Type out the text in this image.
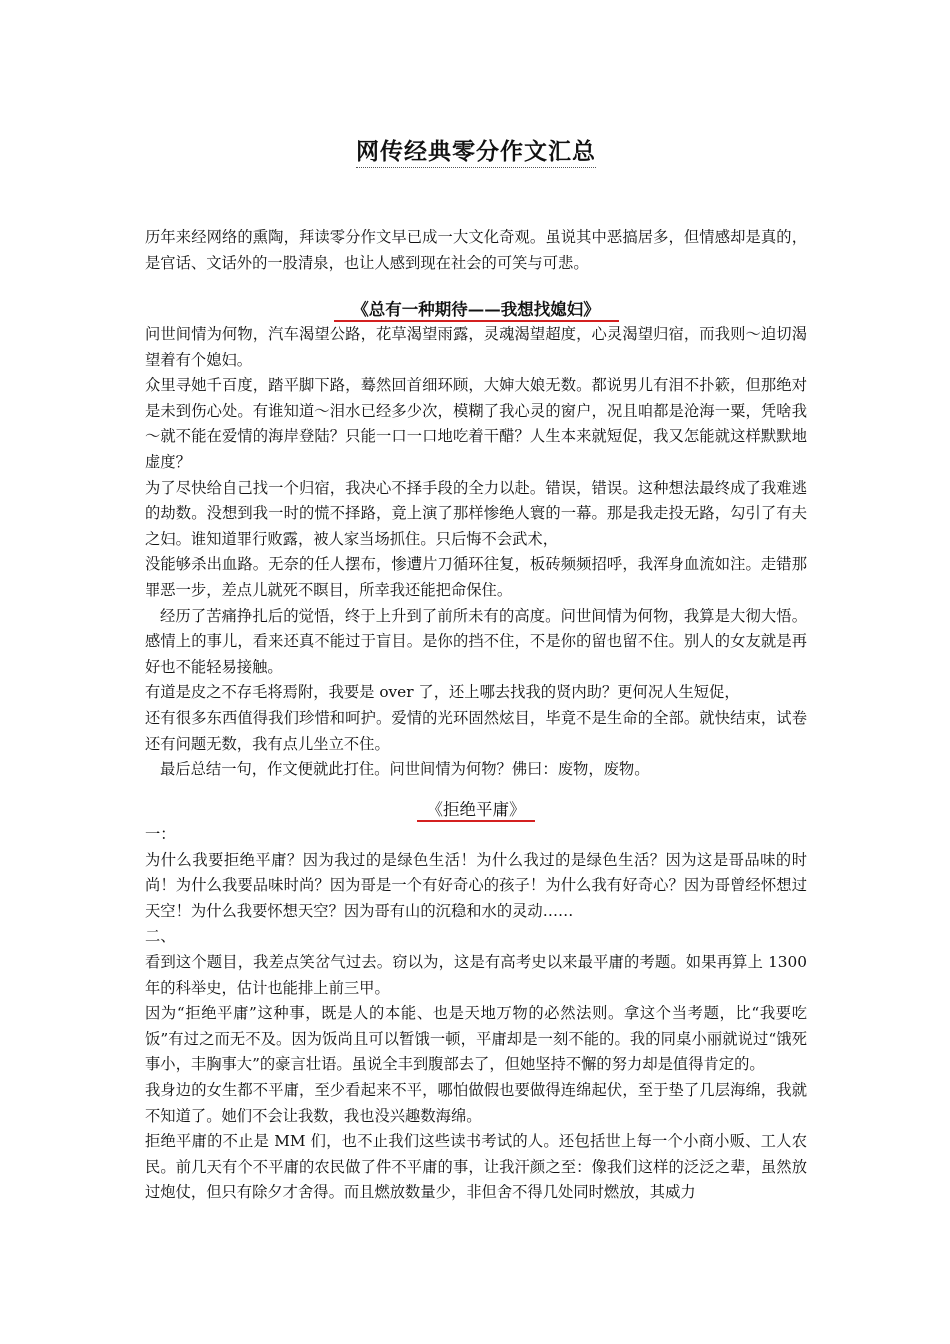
网传经典零分作文汇总

历年来经网络的熏陶，拜读零分作文早已成一大文化奇观。虽说其中恶搞居多，但情感却是真的，是官话、文话外的一股清泉，也让人感到现在社会的可笑与可悲。

《总有一种期待——我想找媳妇》

问世间情为何物，汽车渴望公路，花草渴望雨露，灵魂渴望超度，心灵渴望归宿，而我则～迫切渴望着有个媳妇。

众里寻她千百度，踏平脚下路，蓦然回首细环顾，大婶大娘无数。都说男儿有泪不扑簌，但那绝对是未到伤心处。有谁知道～泪水已经多少次，模糊了我心灵的窗户，况且咱都是沧海一粟，凭啥我～就不能在爱情的海岸登陆？只能一口一口地吃着干醋？人生本来就短促，我又怎能就这样默默地虚度？

为了尽快给自己找一个归宿，我决心不择手段的全力以赴。错误，错误。这种想法最终成了我难逃的劫数。没想到我一时的慌不择路，竟上演了那样惨绝人寰的一幕。那是我走投无路，勾引了有夫之妇。谁知道罪行败露，被人家当场抓住。只后悔不会武术，

没能够杀出血路。无奈的任人摆布，惨遭片刀循环往复，板砖频频招呼，我浑身血流如注。走错那罪恶一步，差点儿就死不瞑目，所幸我还能把命保住。

经历了苦痛挣扎后的觉悟，终于上升到了前所未有的高度。问世间情为何物，我算是大彻大悟。感情上的事儿，看来还真不能过于盲目。是你的挡不住，不是你的留也留不住。别人的女友就是再好也不能轻易接触。

有道是皮之不存毛将焉附，我要是 over 了，还上哪去找我的贤内助？更何况人生短促，

还有很多东西值得我们珍惜和呵护。爱情的光环固然炫目，毕竟不是生命的全部。就快结束，试卷还有问题无数，我有点儿坐立不住。

最后总结一句，作文便就此打住。问世间情为何物？佛曰：废物，废物。

《拒绝平庸》

一：

为什么我要拒绝平庸？因为我过的是绿色生活！为什么我过的是绿色生活？因为这是哥品味的时尚！为什么我要品味时尚？因为哥是一个有好奇心的孩子！为什么我有好奇心？因为哥曾经怀想过天空！为什么我要怀想天空？因为哥有山的沉稳和水的灵动……

二、

看到这个题目，我差点笑岔气过去。窃以为，这是有高考史以来最平庸的考题。如果再算上 1300 年的科举史，估计也能排上前三甲。

因为“拒绝平庸”这种事，既是人的本能、也是天地万物的必然法则。拿这个当考题，比“我要吃饭”有过之而无不及。因为饭尚且可以暂饿一顿，平庸却是一刻不能的。我的同桌小丽就说过“饿死事小，丰胸事大”的豪言壮语。虽说全丰到腹部去了，但她坚持不懈的努力却是值得肯定的。

我身边的女生都不平庸，至少看起来不平，哪怕做假也要做得连绵起伏，至于垫了几层海绵，我就不知道了。她们不会让我数，我也没兴趣数海绵。

拒绝平庸的不止是 MM 们，也不止我们这些读书考试的人。还包括世上每一个小商小贩、工人农民。前几天有个不平庸的农民做了件不平庸的事，让我汗颜之至：像我们这样的泛泛之辈，虽然放过炮仗，但只有除夕才舍得。而且燃放数量少，非但舍不得几处同时燃放，其威力
